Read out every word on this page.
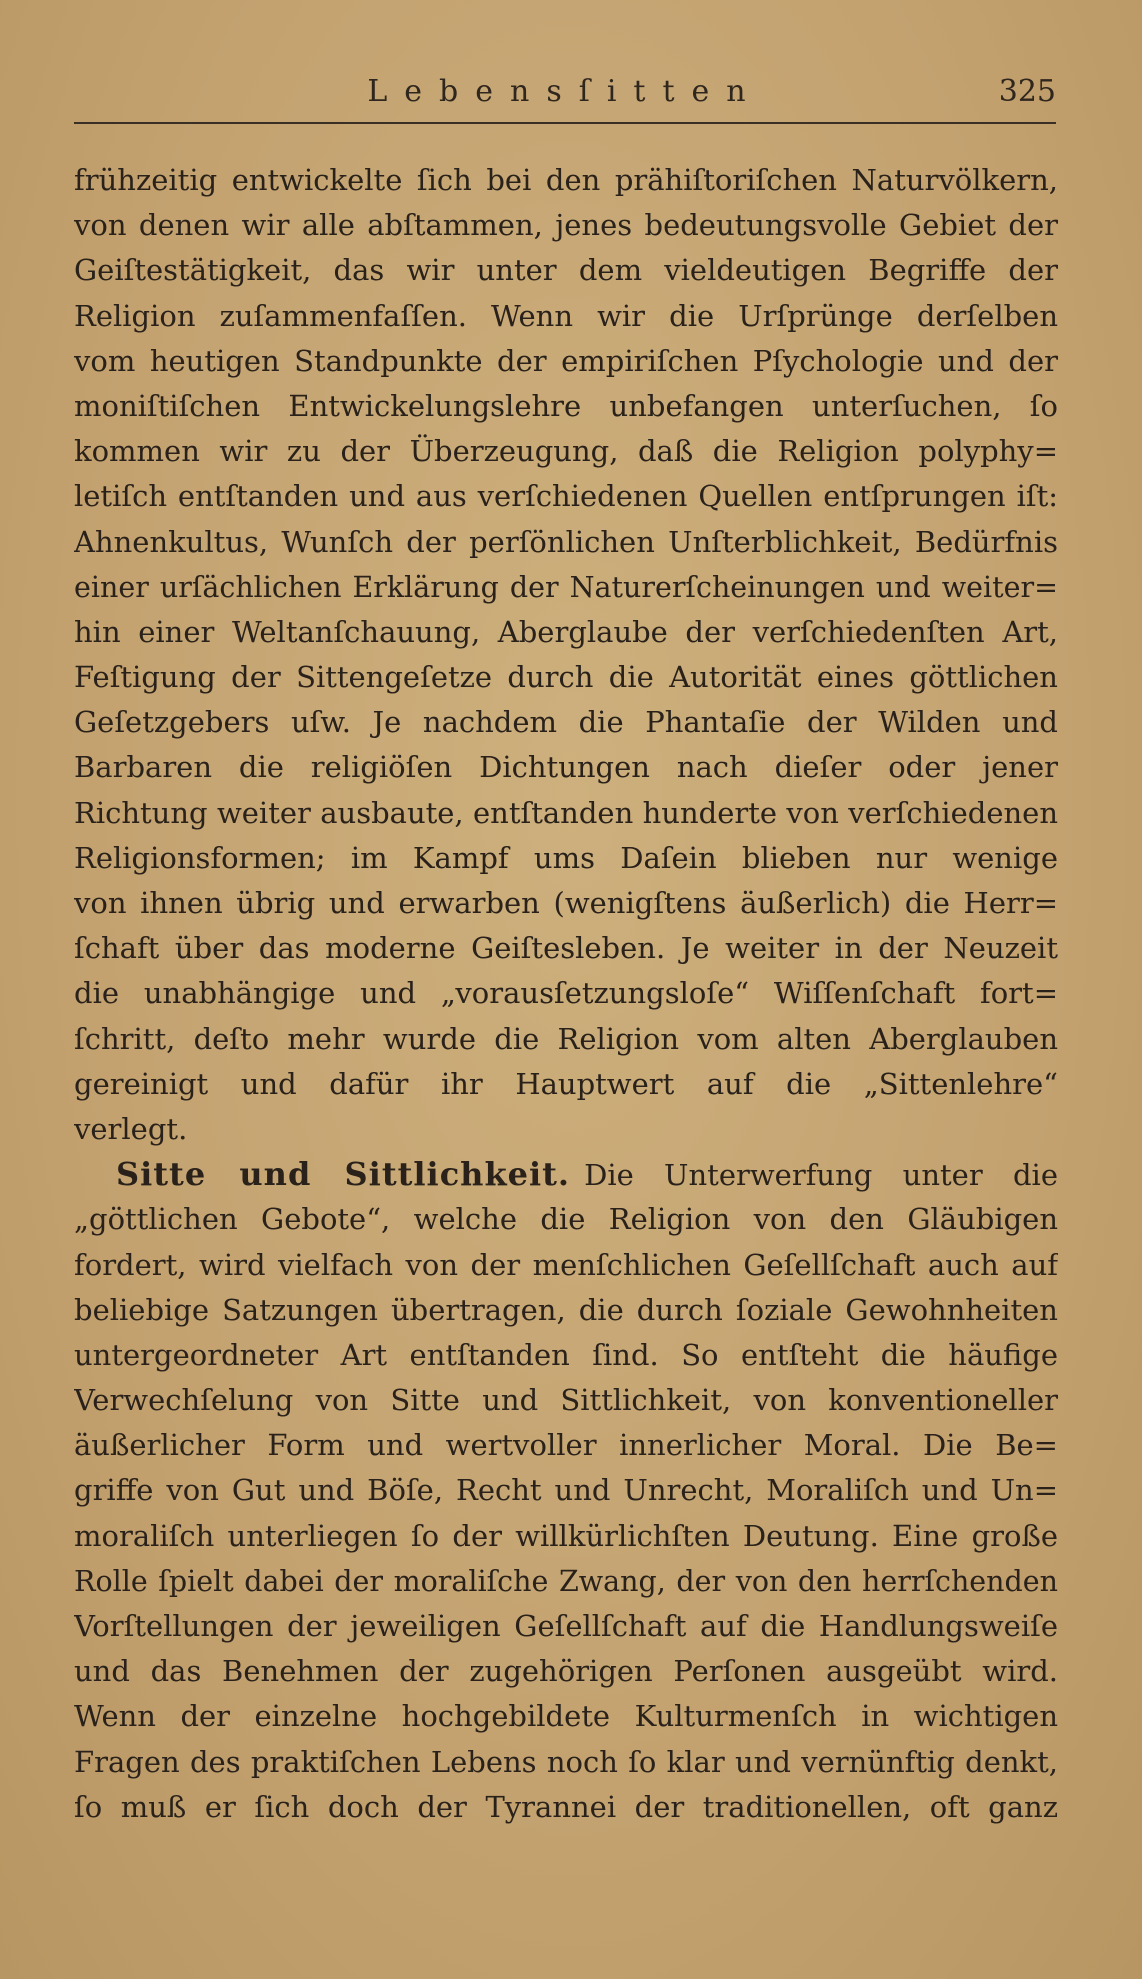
Lebensſitten	325
frühzeitig entwickelte ſich bei den prähiſtoriſchen Naturvölkern,
von denen wir alle abſtammen, jenes bedeutungsvolle Gebiet der
Geiſtestätigkeit, das wir unter dem vieldeutigen Begriffe der
Religion zuſammenfaſſen. Wenn wir die Urſprünge derſelben
vom heutigen Standpunkte der empiriſchen Pſychologie und der
moniſtiſchen Entwickelungslehre unbefangen unterſuchen, ſo
kommen wir zu der Überzeugung, daß die Religion polyphy=
letiſch entſtanden und aus verſchiedenen Quellen entſprungen iſt:
Ahnenkultus, Wunſch der perſönlichen Unſterblichkeit, Bedürfnis
einer urſächlichen Erklärung der Naturerſcheinungen und weiter=
hin einer Weltanſchauung, Aberglaube der verſchiedenſten Art,
Feſtigung der Sittengeſetze durch die Autorität eines göttlichen
Geſetzgebers uſw. Je nachdem die Phantaſie der Wilden und
Barbaren die religiöſen Dichtungen nach dieſer oder jener
Richtung weiter ausbaute, entſtanden hunderte von verſchiedenen
Religionsformen; im Kampf ums Daſein blieben nur wenige
von ihnen übrig und erwarben (wenigſtens äußerlich) die Herr=
ſchaft über das moderne Geiſtesleben. Je weiter in der Neuzeit
die unabhängige und „vorausſetzungsloſe“ Wiſſenſchaft fort=
ſchritt, deſto mehr wurde die Religion vom alten Aberglauben
gereinigt und dafür ihr Hauptwert auf die „Sittenlehre“
verlegt.
Sitte und Sittlichkeit. Die Unterwerfung unter die
„göttlichen Gebote“, welche die Religion von den Gläubigen
fordert, wird vielfach von der menſchlichen Geſellſchaft auch auf
beliebige Satzungen übertragen, die durch ſoziale Gewohnheiten
untergeordneter Art entſtanden ſind. So entſteht die häufige
Verwechſelung von Sitte und Sittlichkeit, von konventioneller
äußerlicher Form und wertvoller innerlicher Moral. Die Be=
griffe von Gut und Böſe, Recht und Unrecht, Moraliſch und Un=
moraliſch unterliegen ſo der willkürlichſten Deutung. Eine große
Rolle ſpielt dabei der moraliſche Zwang, der von den herrſchenden
Vorſtellungen der jeweiligen Geſellſchaft auf die Handlungsweiſe
und das Benehmen der zugehörigen Perſonen ausgeübt wird.
Wenn der einzelne hochgebildete Kulturmenſch in wichtigen
Fragen des praktiſchen Lebens noch ſo klar und vernünftig denkt,
ſo muß er ſich doch der Tyrannei der traditionellen, oft ganz
